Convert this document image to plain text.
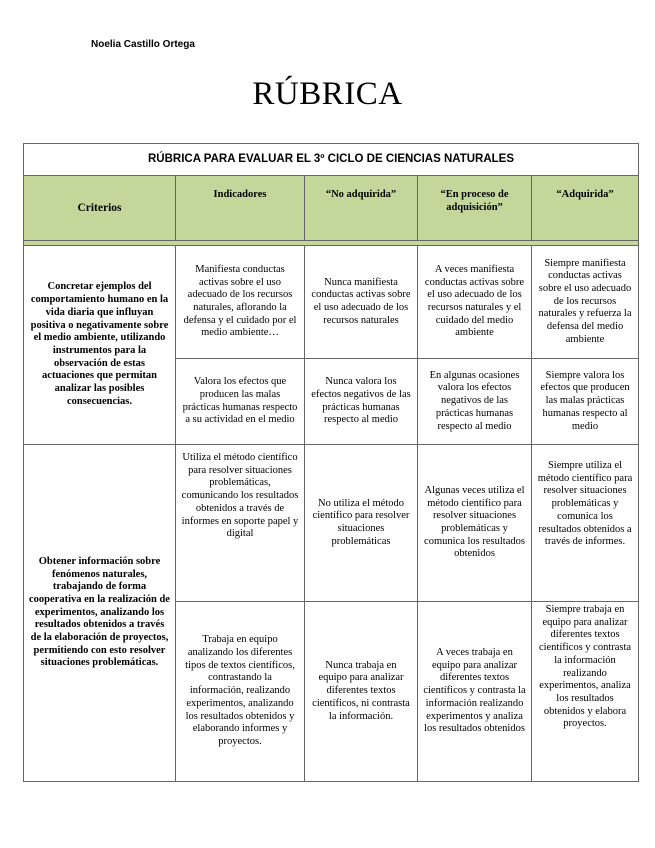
Noelia Castillo Ortega
RÚBRICA
RÚBRICA PARA EVALUAR EL 3º CICLO DE CIENCIAS NATURALES				
Criterios	Indicadores	“No adquirida”	“En proceso de adquisición”	“Adquirida”

Concretar ejemplos del comportamiento humano en la vida diaria que influyan positiva o negativamente sobre el medio ambiente, utilizando instrumentos para la observación de estas actuaciones que permitan analizar las posibles consecuencias.	Manifiesta conductas activas sobre el uso adecuado de los recursos naturales, aflorando la defensa y el cuidado por el medio ambiente…	Nunca manifiesta conductas activas sobre el uso adecuado de los recursos naturales	A veces manifiesta conductas activas sobre el uso adecuado de los recursos naturales y el cuidado del medio ambiente	Siempre manifiesta conductas activas sobre el uso adecuado de los recursos naturales y refuerza la defensa del medio ambiente
	Valora los efectos que producen las malas prácticas humanas respecto a su actividad en el medio	Nunca valora los efectos negativos de las prácticas humanas respecto al medio	En algunas ocasiones valora los efectos negativos de las prácticas humanas respecto al medio	Siempre valora los efectos que producen las malas prácticas humanas respecto al medio
Obtener información sobre fenómenos naturales, trabajando de forma cooperativa en la realización de experimentos, analizando los resultados obtenidos a través de la elaboración de proyectos, permitiendo con esto resolver situaciones problemáticas.	Utiliza el método científico para resolver situaciones problemáticas, comunicando los resultados obtenidos a través de informes en soporte papel y digital	No utiliza el método científico para resolver situaciones problemáticas	Algunas veces utiliza el método científico para resolver situaciones problemáticas y comunica los resultados obtenidos	Siempre utiliza el método científico para resolver situaciones problemáticas y comunica los resultados obtenidos a través de informes.
	Trabaja en equipo analizando los diferentes tipos de textos científicos, contrastando la información, realizando experimentos, analizando los resultados obtenidos y elaborando informes y proyectos.	Nunca trabaja en equipo para analizar diferentes textos científicos, ni contrasta la información.	A veces trabaja en equipo para analizar diferentes textos científicos y contrasta la información realizando experimentos y analiza los resultados obtenidos	Siempre trabaja en equipo para analizar diferentes textos científicos y contrasta la información realizando experimentos, analiza los resultados obtenidos y elabora proyectos.
